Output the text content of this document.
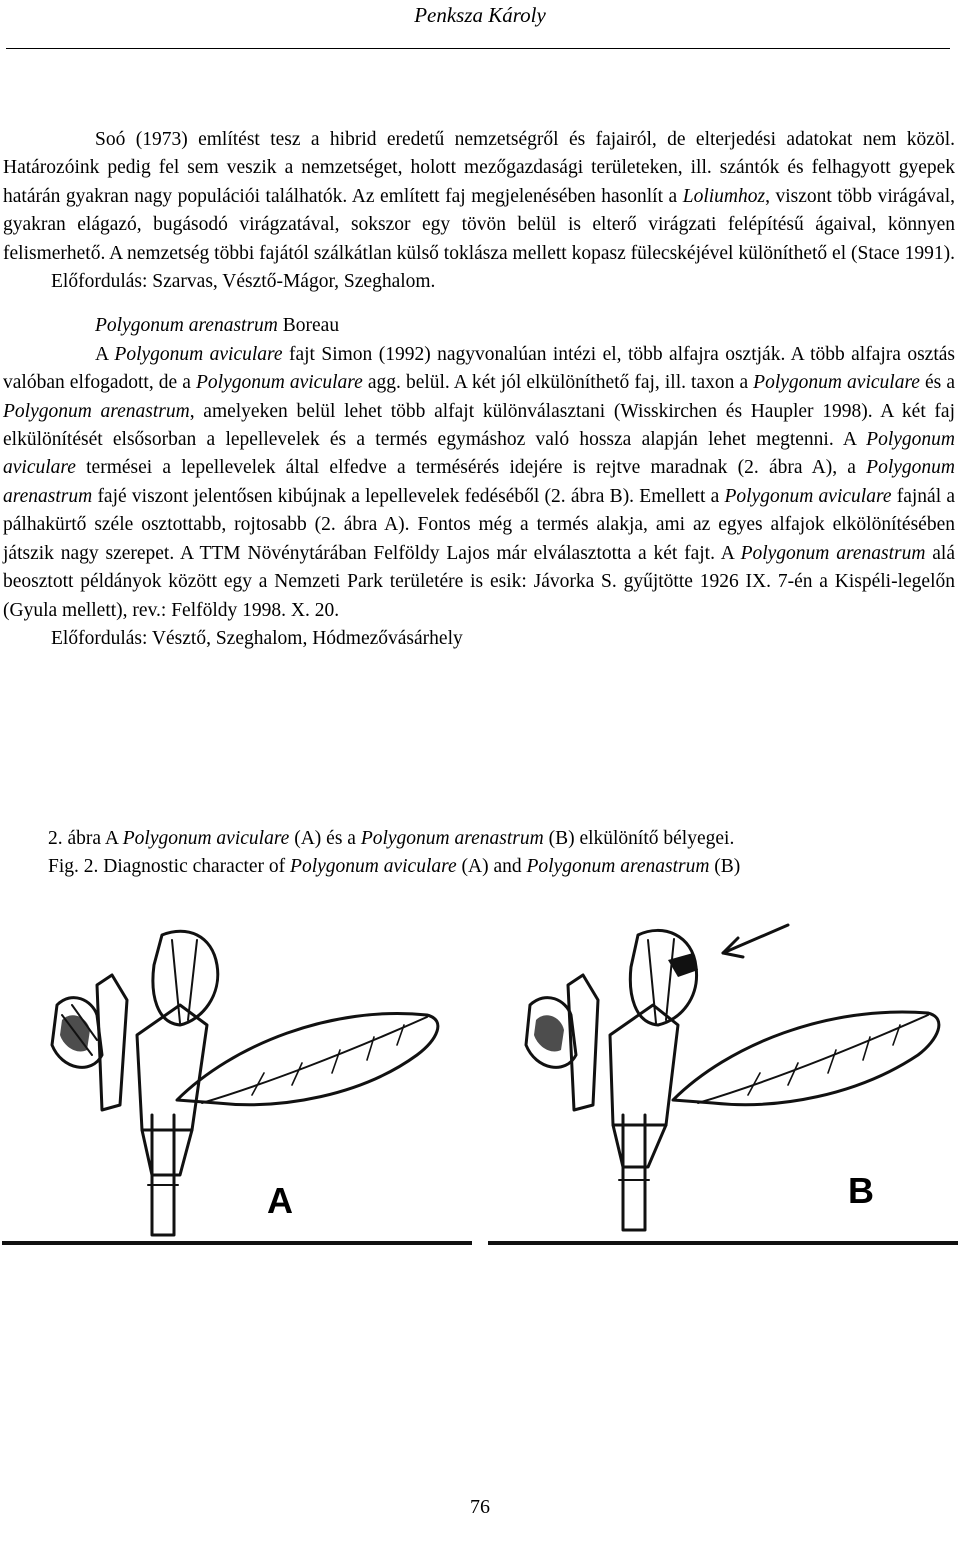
Penksza Károly

Soó (1973) említést tesz a hibrid eredetű nemzetségről és fajairól, de elterjedési adatokat nem közöl. Határozóink pedig fel sem veszik a nemzetséget, holott mezőgazdasági területeken, ill. szántók és felhagyott gyepek határán gyakran nagy populációi találhatók. Az említett faj megjelenésében hasonlít a Loliumhoz, viszont több virágával, gyakran elágazó, bugásodó virágzatával, sokszor egy tövön belül is elterő virágzati felépítésű ágaival, könnyen felismerhető. A nemzetség többi fajától szálkátlan külső toklásza mellett kopasz fülecskéjével különíthető el (Stace 1991).

Előfordulás: Szarvas, Vésztő-Mágor, Szeghalom.

Polygonum arenastrum Boreau

A Polygonum aviculare fajt Simon (1992) nagyvonalúan intézi el, több alfajra osztják. A több alfajra osztás valóban elfogadott, de a Polygonum aviculare agg. belül. A két jól elkülöníthető faj, ill. taxon a Polygonum aviculare és a Polygonum arenastrum, amelyeken belül lehet több alfajt különválasztani (Wisskirchen és Haupler 1998). A két faj elkülönítését elsősorban a lepellevelek és a termés egymáshoz való hossza alapján lehet megtenni. A Polygonum aviculare termései a lepellevelek által elfedve a termésérés idejére is rejtve maradnak (2. ábra A), a Polygonum arenastrum fajé viszont jelentősen kibújnak a lepellevelek fedéséből (2. ábra B). Emellett a Polygonum aviculare fajnál a pálhakürtő széle osztottabb, rojtosabb (2. ábra A). Fontos még a termés alakja, ami az egyes alfajok elkölönítésében játszik nagy szerepet. A TTM Növénytárában Felföldy Lajos már elválasztotta a két fajt. A Polygonum arenastrum alá beosztott példányok között egy a Nemzeti Park területére is esik: Jávorka S. gyűjtötte 1926 IX. 7-én a Kispéli-legelőn (Gyula mellett), rev.: Felföldy 1998. X. 20.

Előfordulás: Vésztő, Szeghalom, Hódmezővásárhely

2. ábra A Polygonum aviculare (A) és a Polygonum arenastrum (B) elkülönítő bélyegei.
Fig. 2. Diagnostic character of Polygonum aviculare (A) and Polygonum arenastrum (B)
A	B
76
